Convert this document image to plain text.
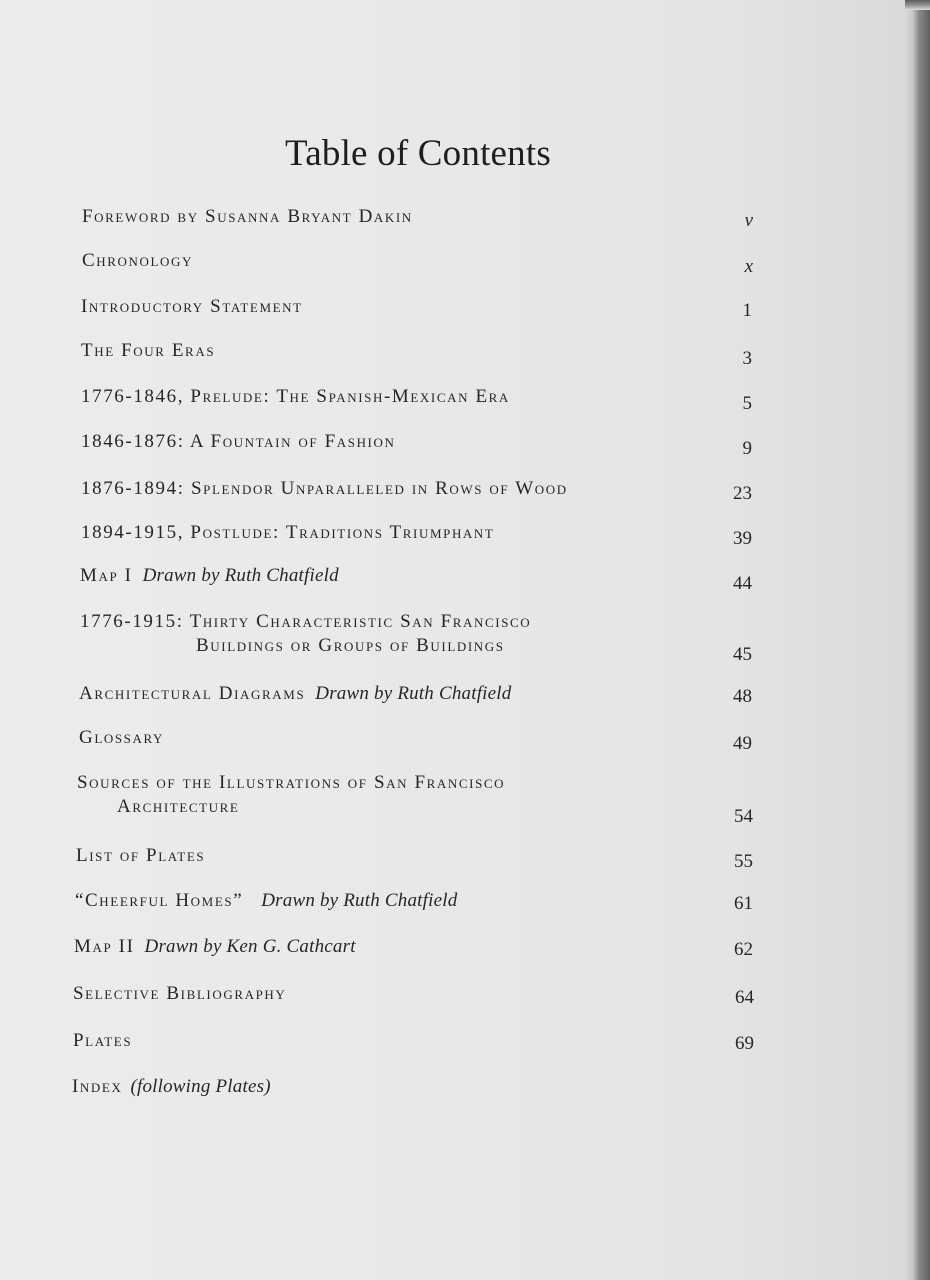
Table of Contents
Foreword by Susanna Bryant Dakin	v
Chronology	x
Introductory Statement	1
The Four Eras	3
1776-1846, Prelude: The Spanish-Mexican Era	5
1846-1876: A Fountain of Fashion	9
1876-1894: Splendor Unparalleled in Rows of Wood	23
1894-1915, Postlude: Traditions Triumphant	39
Map I Drawn by Ruth Chatfield	44
1776-1915: Thirty Characteristic San Francisco
Buildings or Groups of Buildings	45
Architectural Diagrams Drawn by Ruth Chatfield	48
Glossary	49
Sources of the Illustrations of San Francisco
Architecture	54
List of Plates	55
“Cheerful Homes” Drawn by Ruth Chatfield	61
Map II Drawn by Ken G. Cathcart	62
Selective Bibliography	64
Plates	69
Index (following Plates)
